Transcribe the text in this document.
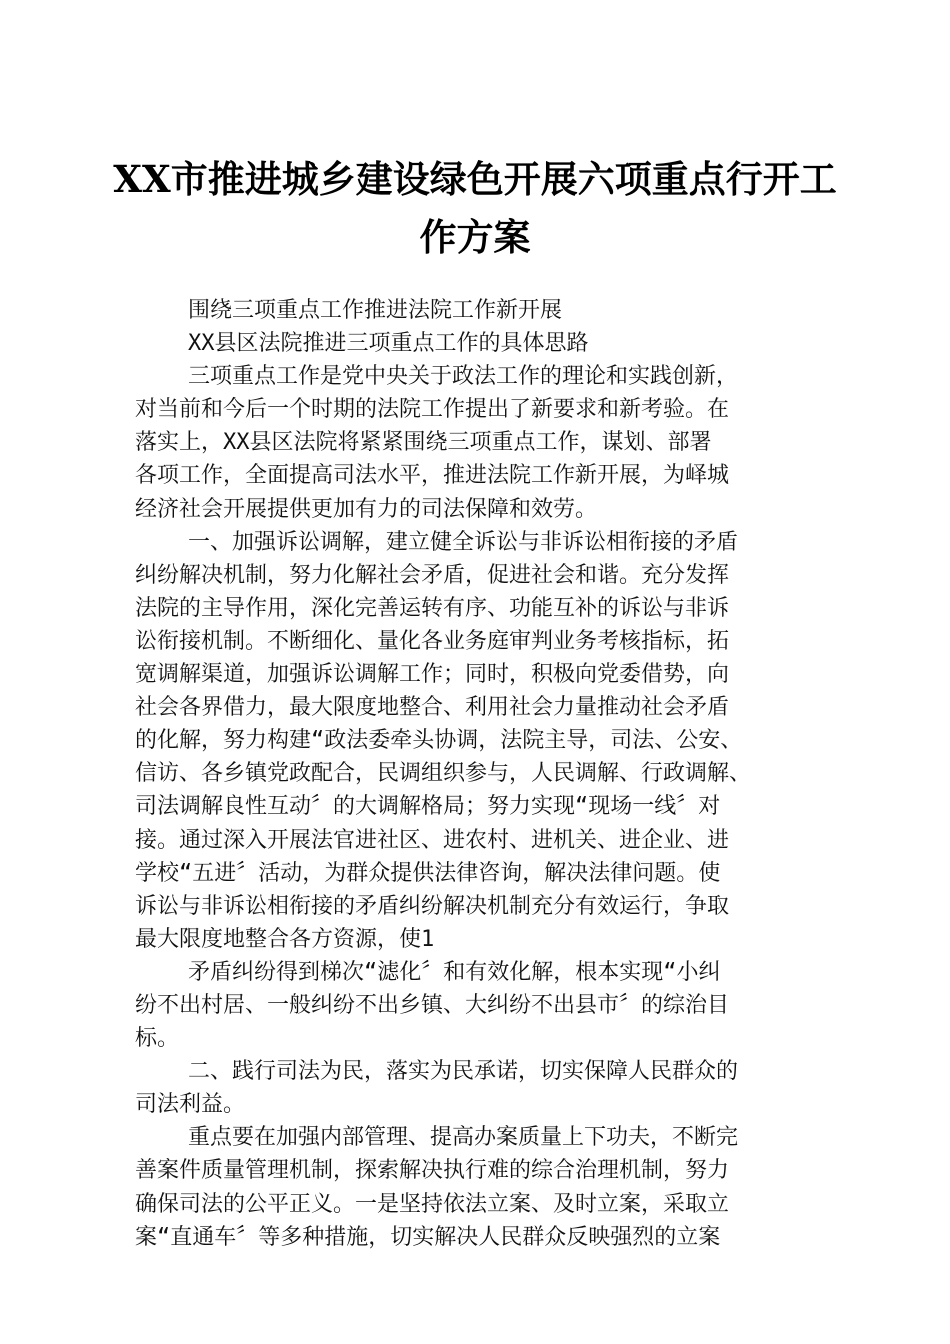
XX市推进城乡建设绿色开展六项重点行开工
作方案
围绕三项重点工作推进法院工作新开展
XX县区法院推进三项重点工作的具体思路
三项重点工作是党中央关于政法工作的理论和实践创新，
对当前和今后一个时期的法院工作提出了新要求和新考验。在
落实上，XX县区法院将紧紧围绕三项重点工作，谋划、部署
各项工作，全面提高司法水平，推进法院工作新开展，为峄城
经济社会开展提供更加有力的司法保障和效劳。
一、加强诉讼调解，建立健全诉讼与非诉讼相衔接的矛盾
纠纷解决机制，努力化解社会矛盾，促进社会和谐。充分发挥
法院的主导作用，深化完善运转有序、功能互补的诉讼与非诉
讼衔接机制。不断细化、量化各业务庭审判业务考核指标，拓
宽调解渠道，加强诉讼调解工作；同时，积极向党委借势，向
社会各界借力，最大限度地整合、利用社会力量推动社会矛盾
的化解，努力构建“政法委牵头协调，法院主导，司法、公安、
信访、各乡镇党政配合，民调组织参与，人民调解、行政调解、
司法调解良性互动〞的大调解格局；努力实现“现场一线〞对
接。通过深入开展法官进社区、进农村、进机关、进企业、进
学校“五进〞活动，为群众提供法律咨询，解决法律问题。使
诉讼与非诉讼相衔接的矛盾纠纷解决机制充分有效运行，争取
最大限度地整合各方资源，使1
矛盾纠纷得到梯次“滤化〞和有效化解，根本实现“小纠
纷不出村居、一般纠纷不出乡镇、大纠纷不出县市〞的综治目
标。
二、践行司法为民，落实为民承诺，切实保障人民群众的
司法利益。
重点要在加强内部管理、提高办案质量上下功夫，不断完
善案件质量管理机制，探索解决执行难的综合治理机制，努力
确保司法的公平正义。一是坚持依法立案、及时立案，采取立
案“直通车〞等多种措施，切实解决人民群众反映强烈的立案
